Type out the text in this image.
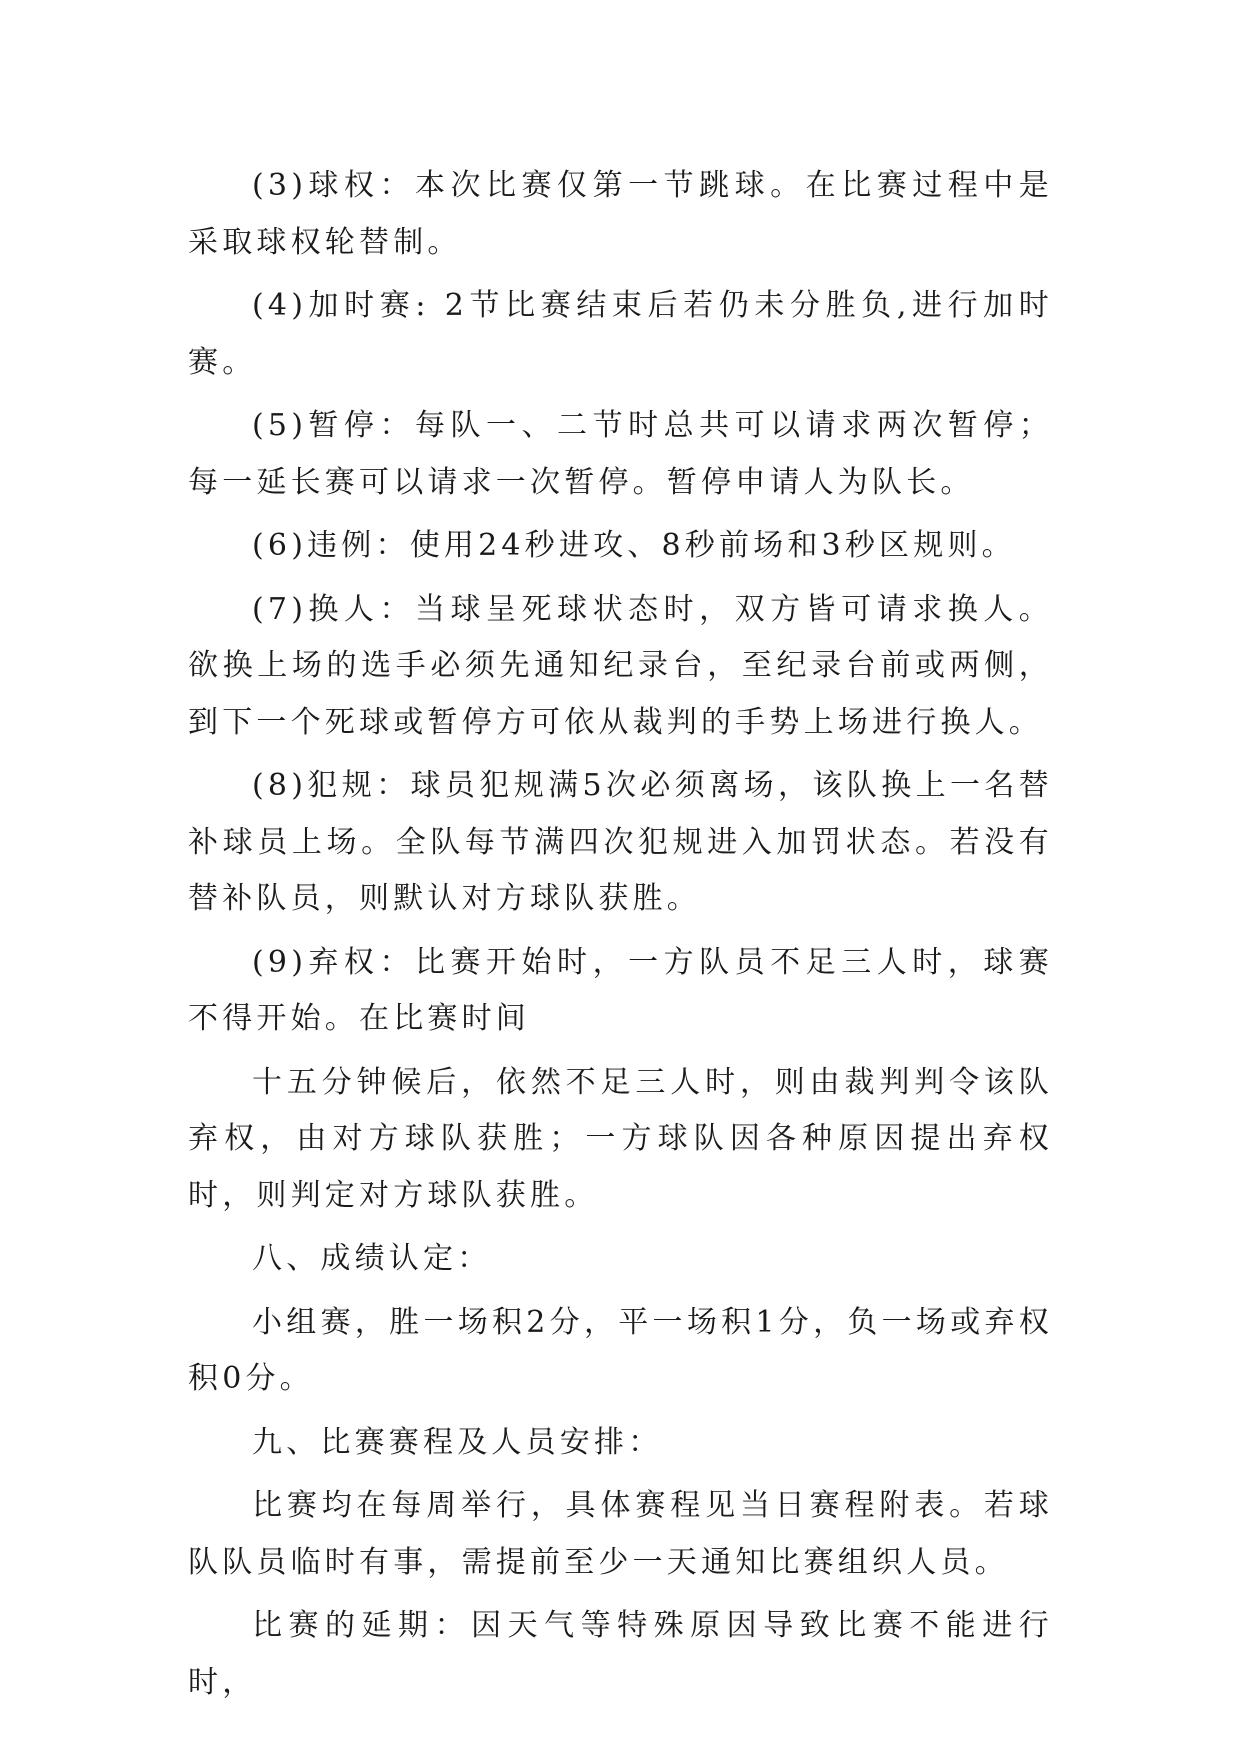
(3)球权：本次比赛仅第一节跳球。在比赛过程中是采取球权轮替制。

(4)加时赛: 2节比赛结束后若仍未分胜负,进行加时赛。

(5)暂停：每队一、二节时总共可以请求两次暂停；每一延长赛可以请求一次暂停。暂停申请人为队长。

(6)违例：使用24秒进攻、8秒前场和3秒区规则。

(7)换人：当球呈死球状态时，双方皆可请求换人。欲换上场的选手必须先通知纪录台，至纪录台前或两侧，到下一个死球或暂停方可依从裁判的手势上场进行换人。

(8)犯规：球员犯规满5次必须离场，该队换上一名替补球员上场。全队每节满四次犯规进入加罚状态。若没有替补队员，则默认对方球队获胜。

(9)弃权：比赛开始时，一方队员不足三人时，球赛不得开始。在比赛时间

十五分钟候后，依然不足三人时，则由裁判判令该队弃权，由对方球队获胜；一方球队因各种原因提出弃权时，则判定对方球队获胜。

八、成绩认定：

小组赛，胜一场积2分，平一场积1分，负一场或弃权积0分。

九、比赛赛程及人员安排：

比赛均在每周举行，具体赛程见当日赛程附表。若球队队员临时有事，需提前至少一天通知比赛组织人员。

比赛的延期：因天气等特殊原因导致比赛不能进行时，
